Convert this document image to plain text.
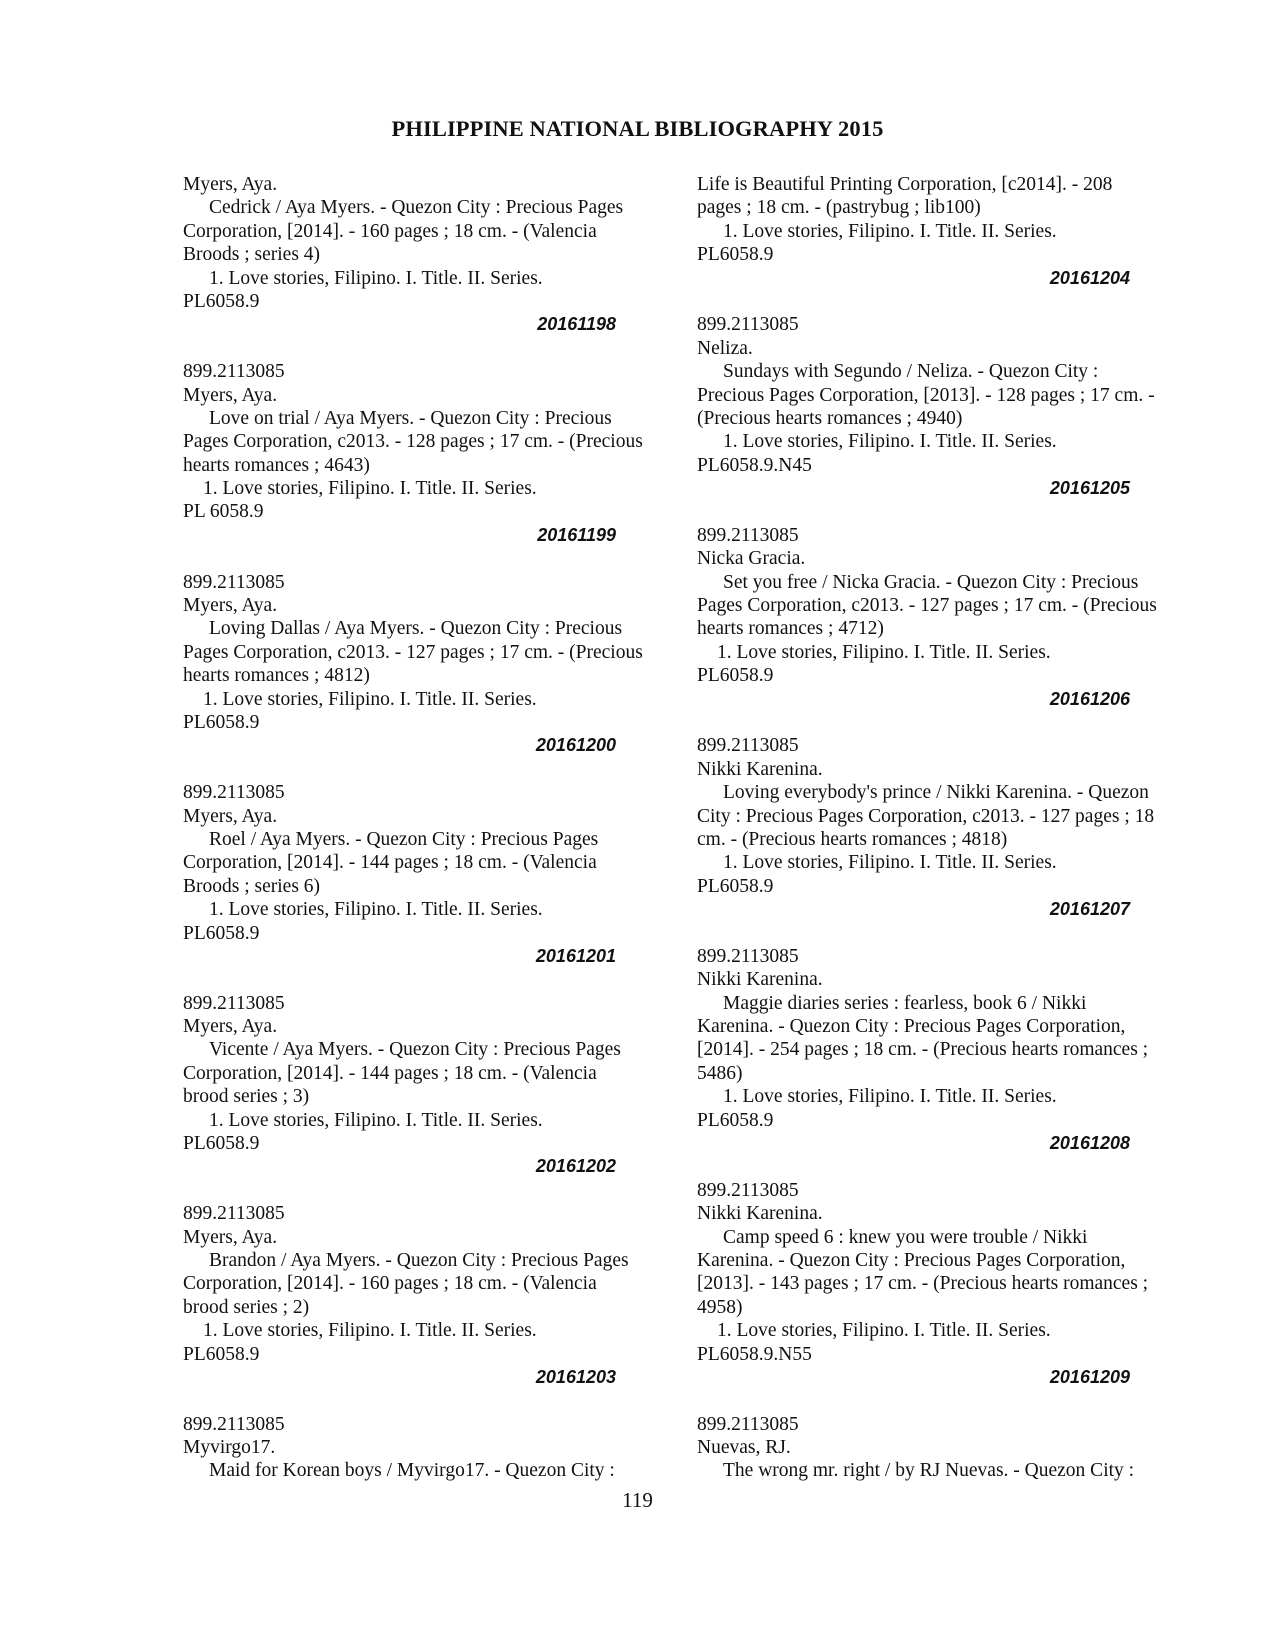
PHILIPPINE NATIONAL BIBLIOGRAPHY 2015
Myers, Aya.
Cedrick / Aya Myers. - Quezon City : Precious Pages
Corporation, [2014]. - 160 pages ; 18 cm. - (Valencia
Broods ; series 4)
1. Love stories, Filipino. I. Title. II. Series.
PL6058.9
20161198
899.2113085
Myers, Aya.
Love on trial / Aya Myers. - Quezon City : Precious
Pages Corporation, c2013. - 128 pages ; 17 cm. - (Precious
hearts romances ; 4643)
1. Love stories, Filipino. I. Title. II. Series.
PL 6058.9
20161199
899.2113085
Myers, Aya.
Loving Dallas / Aya Myers. - Quezon City : Precious
Pages Corporation, c2013. - 127 pages ; 17 cm. - (Precious
hearts romances ; 4812)
1. Love stories, Filipino. I. Title. II. Series.
PL6058.9
20161200
899.2113085
Myers, Aya.
Roel / Aya Myers. - Quezon City : Precious Pages
Corporation, [2014]. - 144 pages ; 18 cm. - (Valencia
Broods ; series 6)
1. Love stories, Filipino. I. Title. II. Series.
PL6058.9
20161201
899.2113085
Myers, Aya.
Vicente / Aya Myers. - Quezon City : Precious Pages
Corporation, [2014]. - 144 pages ; 18 cm. - (Valencia
brood series ; 3)
1. Love stories, Filipino. I. Title. II. Series.
PL6058.9
20161202
899.2113085
Myers, Aya.
Brandon / Aya Myers. - Quezon City : Precious Pages
Corporation, [2014]. - 160 pages ; 18 cm. - (Valencia
brood series ; 2)
1. Love stories, Filipino. I. Title. II. Series.
PL6058.9
20161203
899.2113085
Myvirgo17.
Maid for Korean boys / Myvirgo17. - Quezon City :
Life is Beautiful Printing Corporation, [c2014]. - 208
pages ; 18 cm. - (pastrybug ; lib100)
1. Love stories, Filipino. I. Title. II. Series.
PL6058.9
20161204
899.2113085
Neliza.
Sundays with Segundo / Neliza. - Quezon City :
Precious Pages Corporation, [2013]. - 128 pages ; 17 cm. -
(Precious hearts romances ; 4940)
1. Love stories, Filipino. I. Title. II. Series.
PL6058.9.N45
20161205
899.2113085
Nicka Gracia.
Set you free / Nicka Gracia. - Quezon City : Precious
Pages Corporation, c2013. - 127 pages ; 17 cm. - (Precious
hearts romances ; 4712)
1. Love stories, Filipino. I. Title. II. Series.
PL6058.9
20161206
899.2113085
Nikki Karenina.
Loving everybody's prince / Nikki Karenina. - Quezon
City : Precious Pages Corporation, c2013. - 127 pages ; 18
cm. - (Precious hearts romances ; 4818)
1. Love stories, Filipino. I. Title. II. Series.
PL6058.9
20161207
899.2113085
Nikki Karenina.
Maggie diaries series : fearless, book 6 / Nikki
Karenina. - Quezon City : Precious Pages Corporation,
[2014]. - 254 pages ; 18 cm. - (Precious hearts romances ;
5486)
1. Love stories, Filipino. I. Title. II. Series.
PL6058.9
20161208
899.2113085
Nikki Karenina.
Camp speed 6 : knew you were trouble / Nikki
Karenina. - Quezon City : Precious Pages Corporation,
[2013]. - 143 pages ; 17 cm. - (Precious hearts romances ;
4958)
1. Love stories, Filipino. I. Title. II. Series.
PL6058.9.N55
20161209
899.2113085
Nuevas, RJ.
The wrong mr. right / by RJ Nuevas. - Quezon City :
119
